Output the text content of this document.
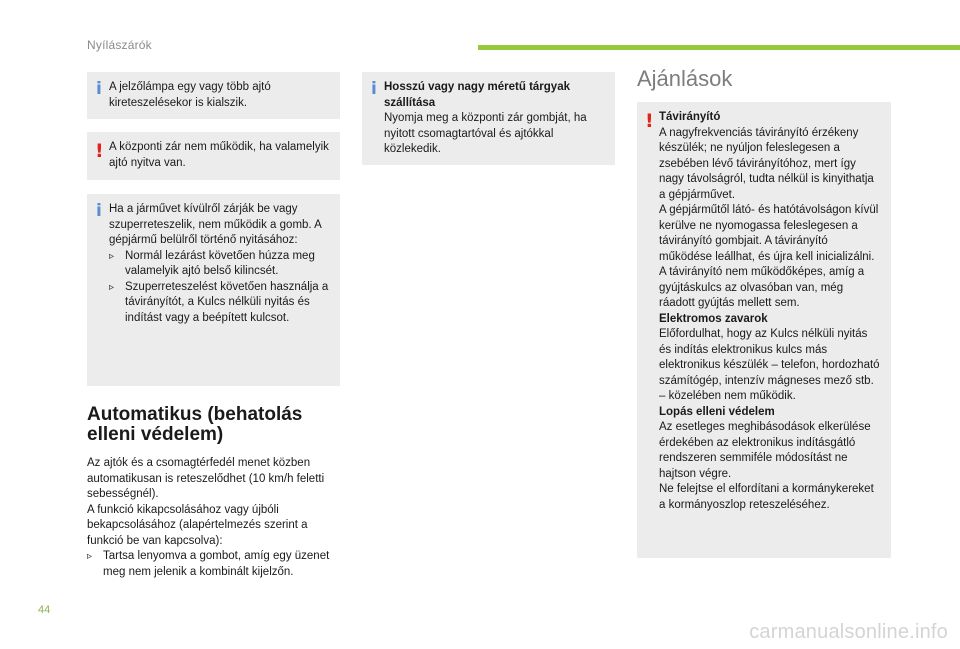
Nyílászárók
i A jelzőlámpa egy vagy több ajtó kireteszelésekor is kialszik.

! A központi zár nem működik, ha valamelyik ajtó nyitva van.

i Ha a járművet kívülről zárják be vagy szuperreteszelik, nem működik a gomb. A gépjármű belülről történő nyitásához:

▹ Normál lezárást követően húzza meg valamelyik ajtó belső kilincsét.
▹ Szuperreteszelést követően használja a távirányítót, a Kulcs nélküli nyitás és indítást vagy a beépített kulcsot.
Automatikus (behatolás elleni védelem)

Az ajtók és a csomagtérfedél menet közben automatikusan is reteszelődhet (10 km/h feletti sebességnél).

A funkció kikapcsolásához vagy újbóli bekapcsolásához (alapértelmezés szerint a funkció be van kapcsolva):

▹ Tartsa lenyomva a gombot, amíg egy üzenet meg nem jelenik a kombinált kijelzőn.
i Hosszú vagy nagy méretű tárgyak szállítása

Nyomja meg a központi zár gombját, ha nyitott csomagtartóval és ajtókkal közlekedik.

Ajánlások
! Távirányító

A nagyfrekvenciás távirányító érzékeny készülék; ne nyúljon feleslegesen a zsebében lévő távirányítóhoz, mert így nagy távolságról, tudta nélkül is kinyithatja a gépjárművet.

A gépjárműtől látó- és hatótávolságon kívül kerülve ne nyomogassa feleslegesen a távirányító gombjait. A távirányító működése leállhat, és újra kell inicializálni.

A távirányító nem működőképes, amíg a gyújtáskulcs az olvasóban van, még ráadott gyújtás mellett sem.

Elektromos zavarok

Előfordulhat, hogy az Kulcs nélküli nyitás és indítás elektronikus kulcs más elektronikus készülék – telefon, hordozható számítógép, intenzív mágneses mező stb. – közelében nem működik.

Lopás elleni védelem

Az esetleges meghibásodások elkerülése érdekében az elektronikus indításgátló rendszeren semmiféle módosítást ne hajtson végre.

Ne felejtse el elfordítani a kormánykereket a kormányoszlop reteszeléséhez.

44
carmanualsonline.info
